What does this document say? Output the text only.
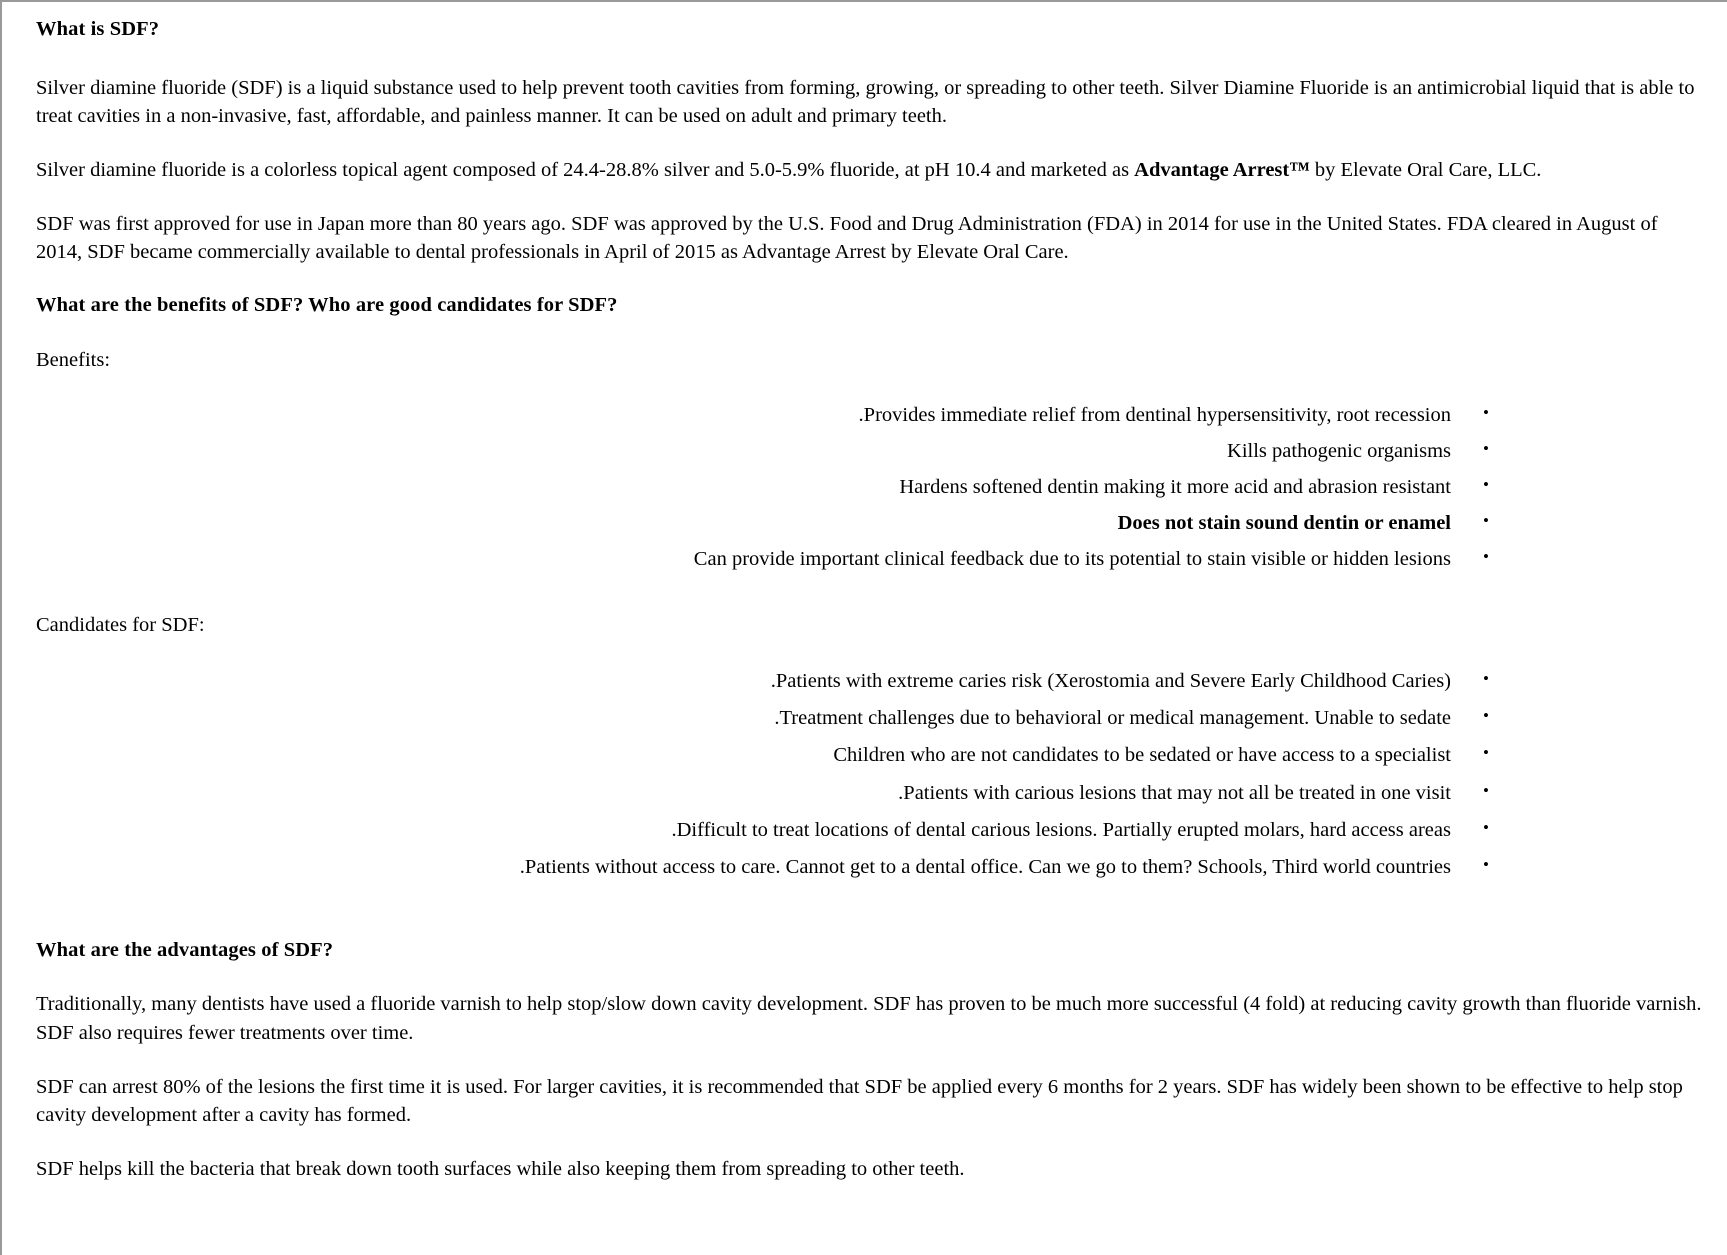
What is SDF?

Silver diamine fluoride (SDF) is a liquid substance used to help prevent tooth cavities from forming, growing, or spreading to other teeth. Silver Diamine Fluoride is an antimicrobial liquid that is able to treat cavities in a non-invasive, fast, affordable, and painless manner. It can be used on adult and primary teeth.

Silver diamine fluoride is a colorless topical agent composed of 24.4-28.8% silver and 5.0-5.9% fluoride, at pH 10.4 and marketed as Advantage Arrest™ by Elevate Oral Care, LLC.

SDF was first approved for use in Japan more than 80 years ago. SDF was approved by the U.S. Food and Drug Administration (FDA) in 2014 for use in the United States. FDA cleared in August of 2014, SDF became commercially available to dental professionals in April of 2015 as Advantage Arrest by Elevate Oral Care.

What are the benefits of SDF? Who are good candidates for SDF?

Benefits:

.Provides immediate relief from dentinal hypersensitivity, root recession •
Kills pathogenic organisms •
Hardens softened dentin making it more acid and abrasion resistant •
Does not stain sound dentin or enamel •
Can provide important clinical feedback due to its potential to stain visible or hidden lesions •

Candidates for SDF:

.Patients with extreme caries risk (Xerostomia and Severe Early Childhood Caries) •
.Treatment challenges due to behavioral or medical management. Unable to sedate •
Children who are not candidates to be sedated or have access to a specialist •
.Patients with carious lesions that may not all be treated in one visit •
.Difficult to treat locations of dental carious lesions. Partially erupted molars, hard access areas •
.Patients without access to care. Cannot get to a dental office. Can we go to them? Schools, Third world countries •
What are the advantages of SDF?

Traditionally, many dentists have used a fluoride varnish to help stop/slow down cavity development. SDF has proven to be much more successful (4 fold) at reducing cavity growth than fluoride varnish. SDF also requires fewer treatments over time.

SDF can arrest 80% of the lesions the first time it is used. For larger cavities, it is recommended that SDF be applied every 6 months for 2 years. SDF has widely been shown to be effective to help stop cavity development after a cavity has formed.

SDF helps kill the bacteria that break down tooth surfaces while also keeping them from spreading to other teeth.
